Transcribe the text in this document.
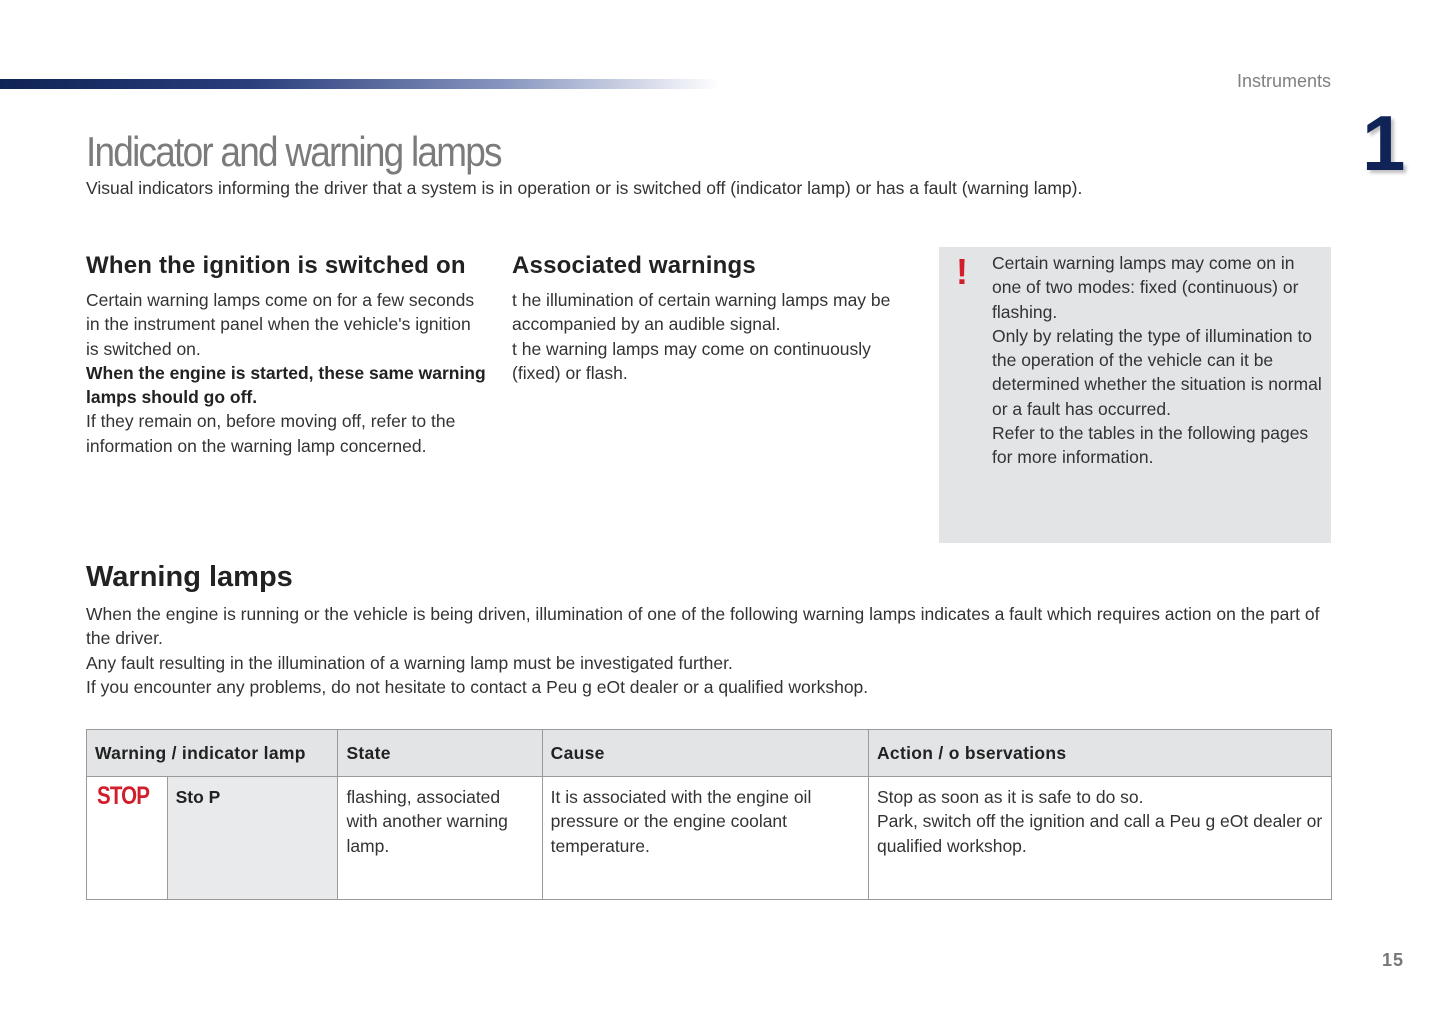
Instruments
1
Indicator and warning lamps
Visual indicators informing the driver that a system is in operation or is switched off (indicator lamp) or has a fault (warning lamp).
When the ignition is switched on

Certain warning lamps come on for a few seconds in the instrument panel when the vehicle's ignition is switched on.
When the engine is started, these same warning lamps should go off.
If they remain on, before moving off, refer to the information on the warning lamp concerned.

Associated warnings

t he illumination of certain warning lamps may be accompanied by an audible signal.
t he warning lamps may come on continuously (fixed) or flash.

! Certain warning lamps may come on in one of two modes: fixed (continuous) or flashing.
Only by relating the type of illumination to the operation of the vehicle can it be determined whether the situation is normal or a fault has occurred.
Refer to the tables in the following pages for more information.

Warning lamps

When the engine is running or the vehicle is being driven, illumination of one of the following warning lamps indicates a fault which requires action on the part of the driver.
Any fault resulting in the illumination of a warning lamp must be investigated further.
If you encounter any problems, do not hesitate to contact a Peu g eOt dealer or a qualified workshop.

Warning / indicator lamp		State	Cause	Action / o bservations
STOP	Sto P	flashing, associated with another warning lamp.	It is associated with the engine oil pressure or the engine coolant temperature.	Stop as soon as it is safe to do so.
Park, switch off the ignition and call a Peu g eOt dealer or qualified workshop.
15
